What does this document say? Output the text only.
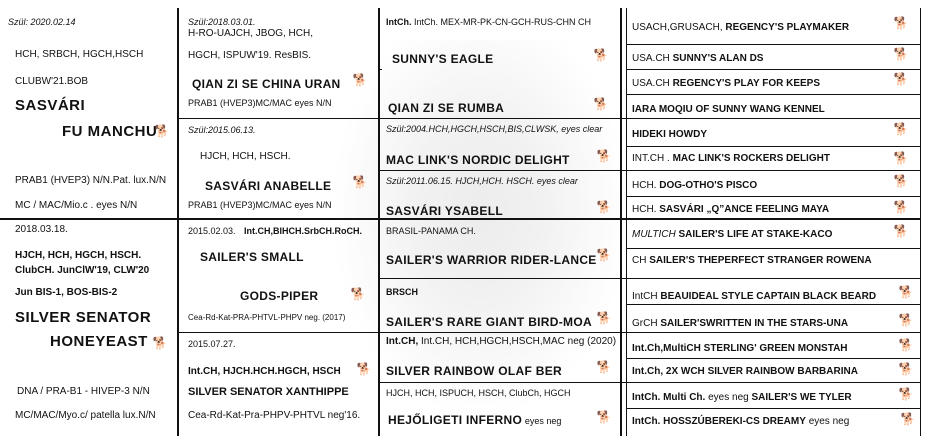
Szül: 2020.02.14
HCH, SRBCH, HGCH,HSCH
CLUBW'21.BOB
SASVÁRI
FU MANCHU
🐕
PRAB1 (HVEP3) N/N.Pat. lux.N/N
MC / MAC/Mio.c . eyes N/N
2018.03.18.
HJCH, HCH, HGCH, HSCH.
ClubCH. JunClW'19, CLW'20
Jun BIS-1, BOS-BIS-2
SILVER SENATOR
HONEYEAST 🐕
DNA / PRA-B1 - HIVEP-3 N/N
MC/MAC/Myo.c/ patella lux.N/N
Szül:2018.03.01.
H-RO-UAJCH, JBOG, HCH,
HGCH, ISPUW'19. ResBIS.
QIAN ZI SE CHINA URAN 🐕
PRAB1 (HVEP3)MC/MAC eyes N/N
Szül:2015.06.13.
HJCH, HCH, HSCH.
SASVÁRI ANABELLE 🐕
PRAB1 (HVEP3)MC/MAC eyes N/N
2015.02.03. Int.CH,BIHCH.SrbCH.RoCH.
SAILER'S SMALL
GODS-PIPER	🐕
Cea-Rd-Kat-PRA-PHTVL-PHPV neg. (2017)
2015.07.27.
Int.CH, HJCH.HCH.HGCH, HSCH 🐕
SILVER SENATOR XANTHIPPE
Cea-Rd-Kat-Pra-PHPV-PHTVL neg'16.
IntCh. IntCh. MEX-MR-PK-CN-GCH-RUS-CHN CH
SUNNY'S EAGLE	🐕
QIAN ZI SE RUMBA	🐕
Szül:2004.HCH,HGCH,HSCH,BIS,CLWSK, eyes clear
MAC LINK'S NORDIC DELIGHT 🐕
Szül:2011.06.15. HJCH,HCH. HSCH. eyes clear
SASVÁRI YSABELL	🐕
BRASIL-PANAMA CH.
SAILER'S WARRIOR RIDER-LANCE 🐕
BRSCH
SAILER'S RARE GIANT BIRD-MOA 🐕
Int.CH, Int.CH, HCH,HGCH,HSCH,MAC neg (2020)
SILVER RAINBOW OLAF BER	🐕
HJCH, HCH, ISPUCH, HSCH, ClubCh, HGCH
HEJŐLIGETI INFERNO eyes neg	🐕
USACH,GRUSACH, REGENCY'S PLAYMAKER	🐕
USA.CH SUNNY'S ALAN DS	🐕
USA.CH REGENCY'S PLAY FOR KEEPS	🐕
IARA MOQIU OF SUNNY WANG KENNEL
HIDEKI HOWDY	🐕
INT.CH . MAC LINK'S ROCKERS DELIGHT	🐕
HCH. DOG-OTHO'S PISCO	🐕
HCH. SASVÁRI „Q”ANCE FEELING MAYA	🐕
MULTICH SAILER'S LIFE AT STAKE-KACO	🐕
CH SAILER'S THEPERFECT STRANGER ROWENA
IntCH BEAUIDEAL STYLE CAPTAIN BLACK BEARD 🐕
GrCH SAILER'SWRITTEN IN THE STARS-UNA	🐕
Int.Ch,MultiCH STERLING' GREEN MONSTAH	🐕
Int.Ch, 2X WCH SILVER RAINBOW BARBARINA	🐕
IntCh. Multi Ch. eyes neg SAILER'S WE TYLER	🐕
IntCh. HOSSZÚBEREKI-CS DREAMY eyes neg	🐕
